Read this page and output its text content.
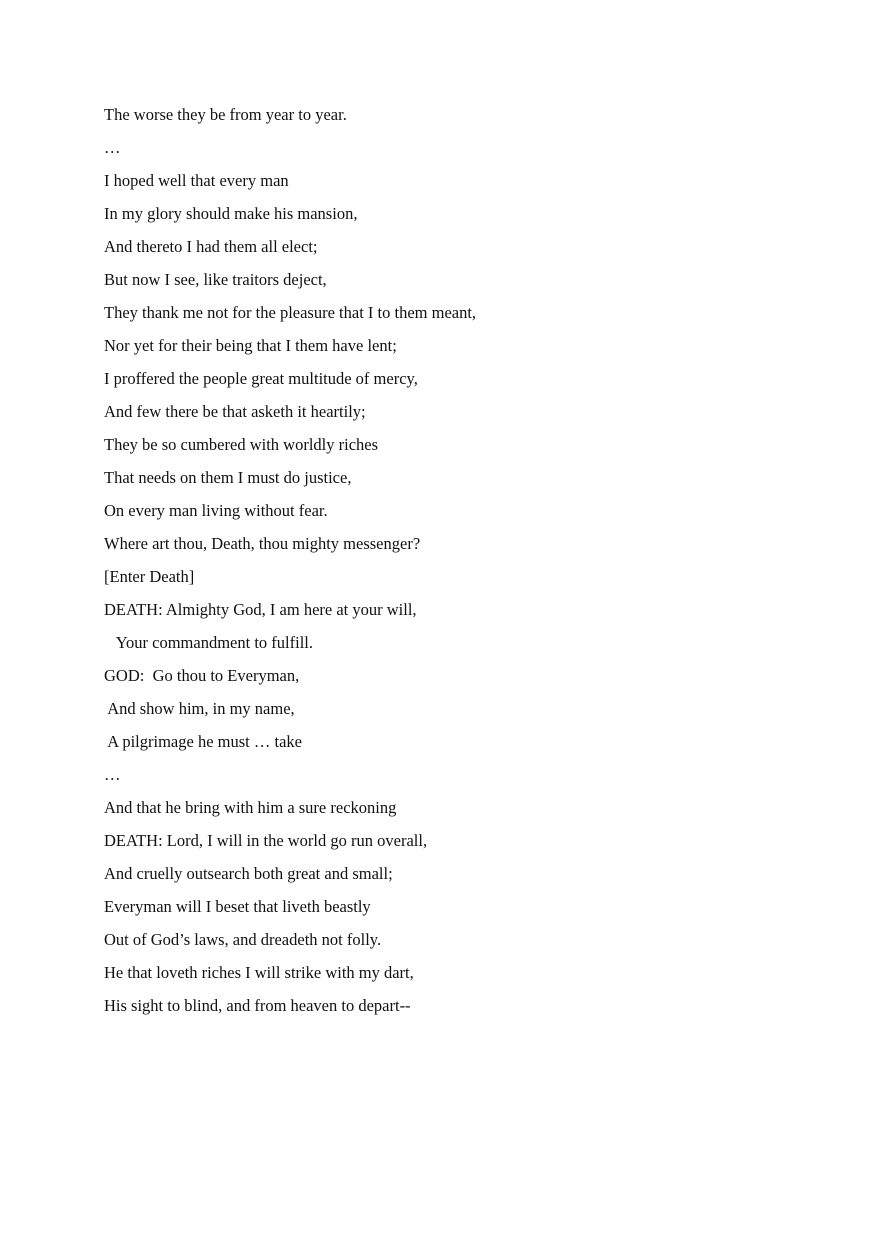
The worse they be from year to year.
…
I hoped well that every man
In my glory should make his mansion,
And thereto I had them all elect;
But now I see, like traitors deject,
They thank me not for the pleasure that I to them meant,
Nor yet for their being that I them have lent;
I proffered the people great multitude of mercy,
And few there be that asketh it heartily;
They be so cumbered with worldly riches
That needs on them I must do justice,
On every man living without fear.
Where art thou, Death, thou mighty messenger?
[Enter Death]
DEATH: Almighty God, I am here at your will,
Your commandment to fulfill.
GOD:  Go thou to Everyman,
And show him, in my name,
A pilgrimage he must … take
…
And that he bring with him a sure reckoning
DEATH: Lord, I will in the world go run overall,
And cruelly outsearch both great and small;
Everyman will I beset that liveth beastly
Out of God’s laws, and dreadeth not folly.
He that loveth riches I will strike with my dart,
His sight to blind, and from heaven to depart--
